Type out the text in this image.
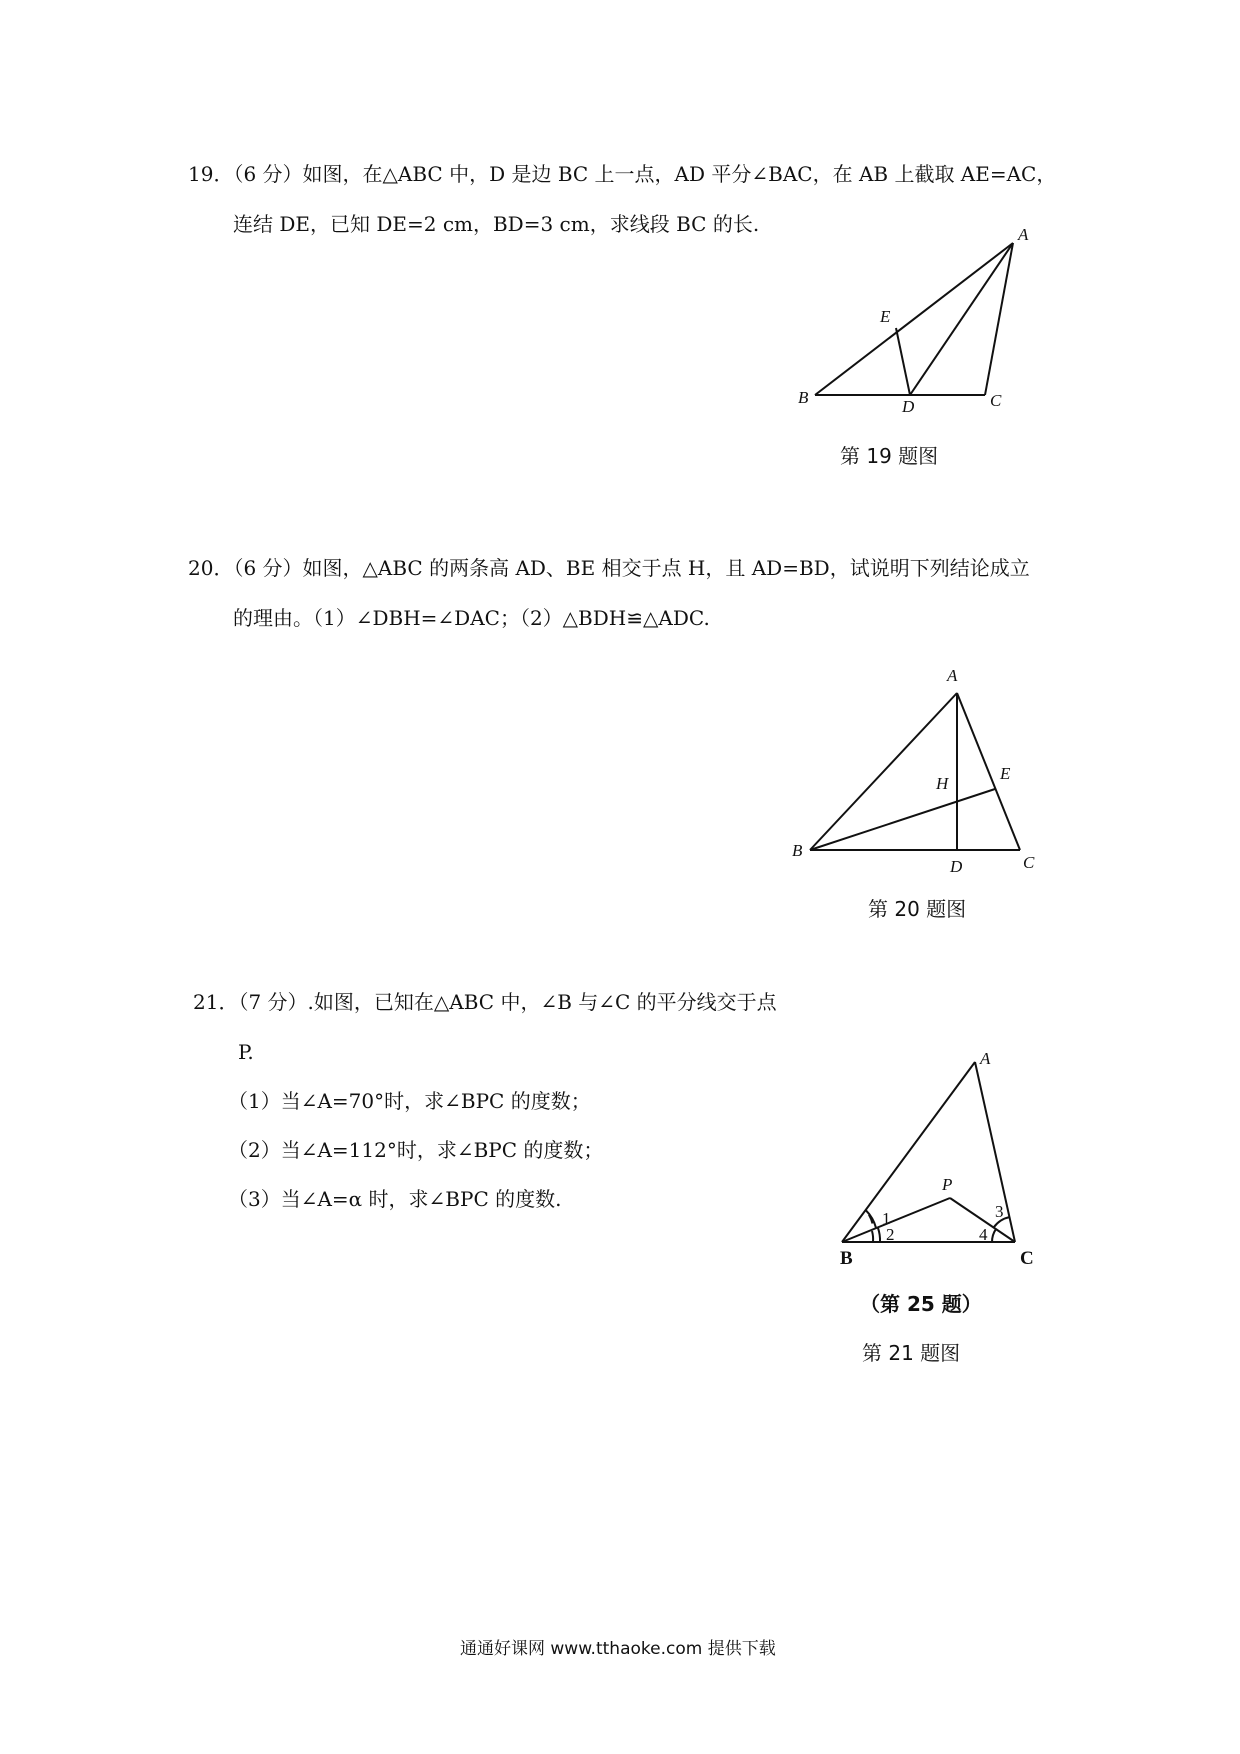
19．（6 分）如图，在△ABC 中，D 是边 BC 上一点，AD 平分∠BAC，在 AB 上截取 AE=AC，
连结 DE，已知 DE=2 cm，BD=3 cm，求线段 BC 的长.	A
E
B	D	C
第 19 题图
20．（6 分）如图，△ABC 的两条高 AD、BE 相交于点 H，且 AD=BD，试说明下列结论成立
的理由。（1）∠DBH=∠DAC；（2）△BDH≌△ADC.
A
H
E
B
D	C
第 20 题图
21．（7 分）.如图，已知在△ABC 中，∠B 与∠C 的平分线交于点
P.
（1）当∠A=70°时，求∠BPC 的度数；
（2）当∠A=112°时，求∠BPC 的度数；
（3）当∠A=α 时，求∠BPC 的度数.
A
P
1
2
3
4
B	C
（第 25 题）
第 21 题图
通通好课网 www.tthaoke.com 提供下载
